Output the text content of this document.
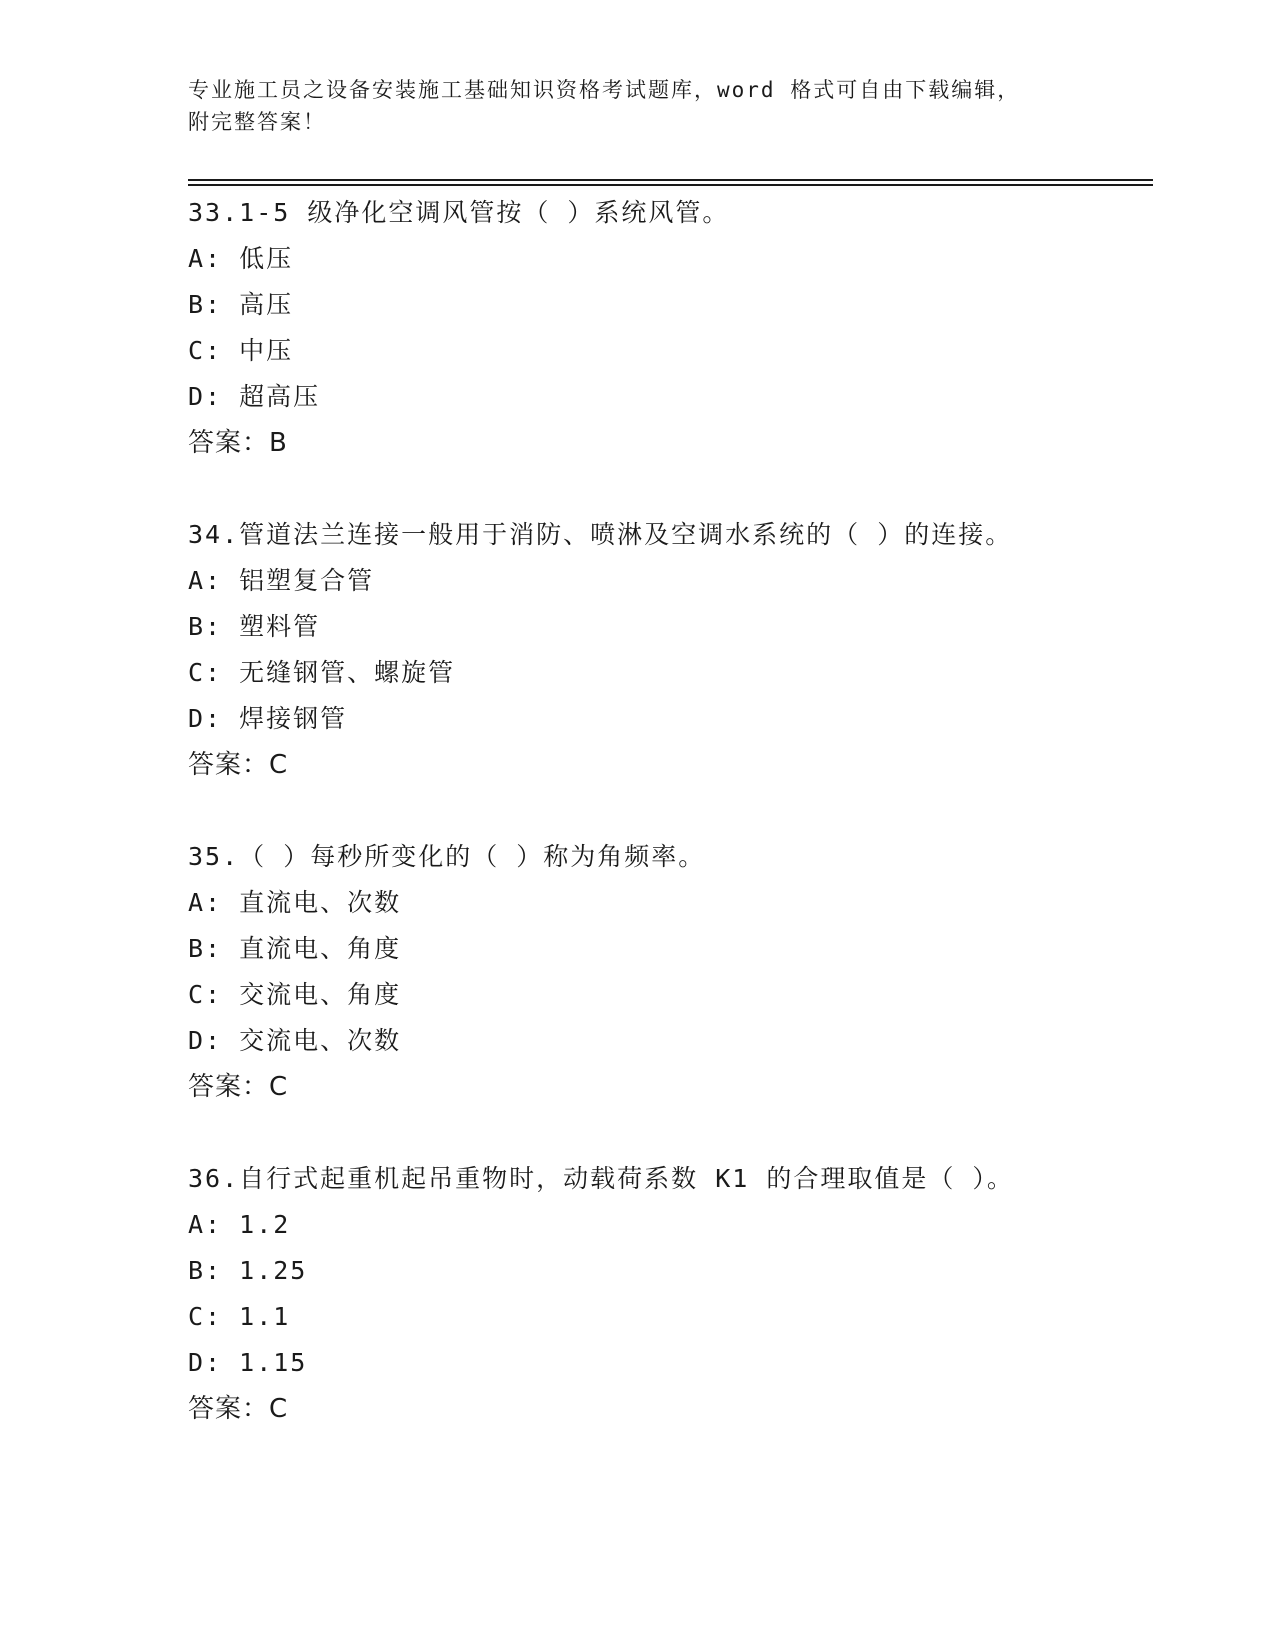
专业施工员之设备安装施工基础知识资格考试题库，word 格式可自由下载编辑，
附完整答案！
33.1-5 级净化空调风管按（ ）系统风管。
A: 低压
B: 高压
C: 中压
D: 超高压
答案：B
34.管道法兰连接一般用于消防、喷淋及空调水系统的（ ）的连接。
A: 铝塑复合管
B: 塑料管
C: 无缝钢管、螺旋管
D: 焊接钢管
答案：C
35.（ ）每秒所变化的（ ）称为角频率。
A: 直流电、次数
B: 直流电、角度
C: 交流电、角度
D: 交流电、次数
答案：C
36.自行式起重机起吊重物时，动载荷系数 K1 的合理取值是（ ）。
A: 1.2
B: 1.25
C: 1.1
D: 1.15
答案：C
